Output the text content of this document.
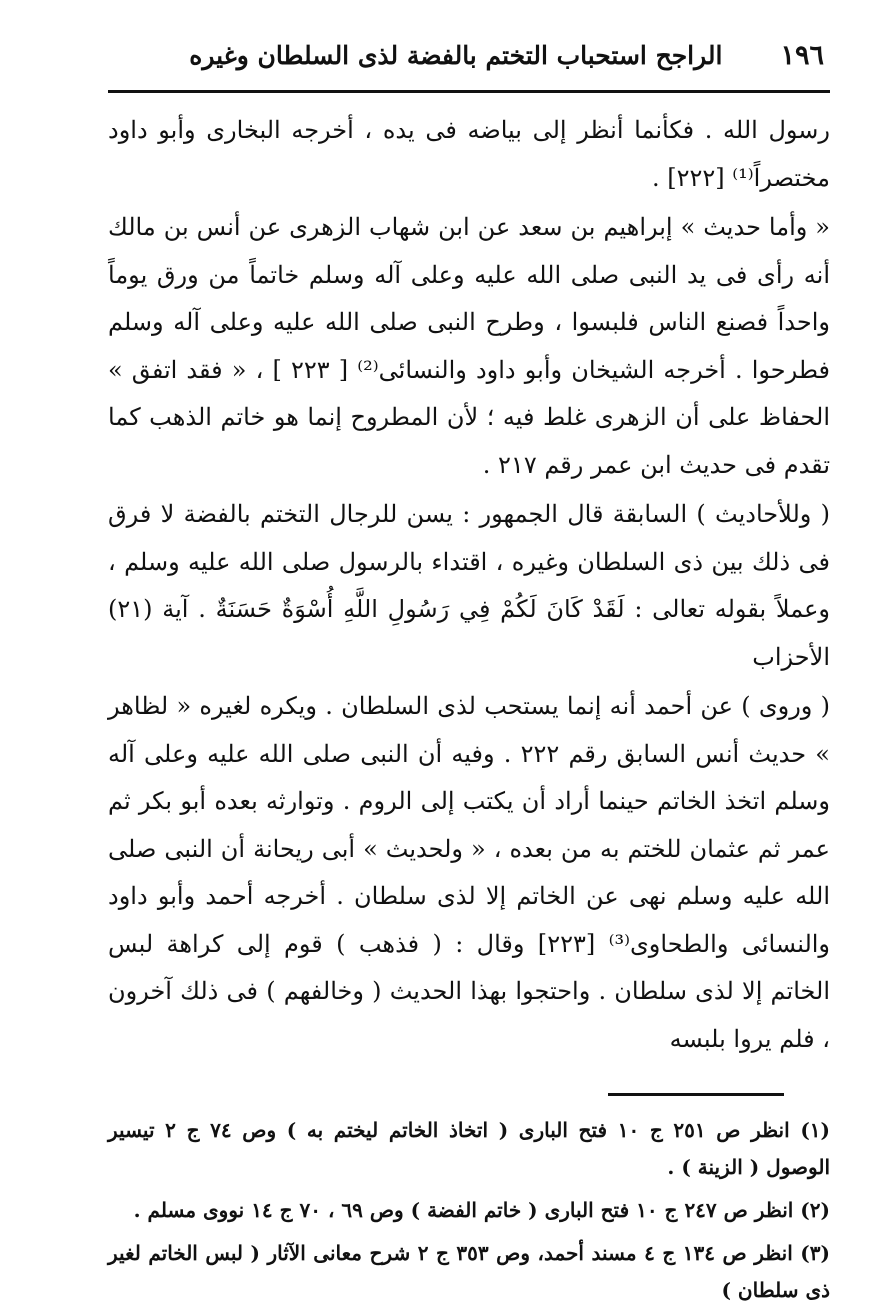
١٩٦
الراجح استحباب التختم بالفضة لذى السلطان وغيره

رسول الله . فكأنما أنظر إلى بياضه فى يده ، أخرجه البخارى وأبو داود مختصراً⁽¹⁾ [٢٢٢] .

« وأما حديث » إبراهيم بن سعد عن ابن شهاب الزهرى عن أنس بن مالك أنه رأى فى يد النبى صلى الله عليه وعلى آله وسلم خاتماً من ورق يوماً واحداً فصنع الناس فلبسوا ، وطرح النبى صلى الله عليه وعلى آله وسلم فطرحوا . أخرجه الشيخان وأبو داود والنسائى⁽²⁾ [ ٢٢٣ ] ، « فقد اتفق » الحفاظ على أن الزهرى غلط فيه ؛ لأن المطروح إنما هو خاتم الذهب كما تقدم فى حديث ابن عمر رقم ٢١٧ .

( وللأحاديث ) السابقة قال الجمهور : يسن للرجال التختم بالفضة لا فرق فى ذلك بين ذى السلطان وغيره ، اقتداء بالرسول صلى الله عليه وسلم ، وعملاً بقوله تعالى : لَقَدْ كَانَ لَكُمْ فِي رَسُولِ اللَّهِ أُسْوَةٌ حَسَنَةٌ . آية (٢١) الأحزاب

( وروى ) عن أحمد أنه إنما يستحب لذى السلطان . ويكره لغيره « لظاهر » حديث أنس السابق رقم ٢٢٢ . وفيه أن النبى صلى الله عليه وعلى آله وسلم اتخذ الخاتم حينما أراد أن يكتب إلى الروم . وتوارثه بعده أبو بكر ثم عمر ثم عثمان للختم به من بعده ، « ولحديث » أبى ريحانة أن النبى صلى الله عليه وسلم نهى عن الخاتم إلا لذى سلطان . أخرجه أحمد وأبو داود والنسائى والطحاوى⁽³⁾ [٢٢٣] وقال : ( فذهب ) قوم إلى كراهة لبس الخاتم إلا لذى سلطان . واحتجوا بهذا الحديث ( وخالفهم ) فى ذلك آخرون ، فلم يروا بلبسه

(١) انظر ص ٢٥١ ج ١٠ فتح البارى ( اتخاذ الخاتم ليختم به ) وص ٧٤ ج ٢ تيسير الوصول ( الزينة ) .

(٢) انظر ص ٢٤٧ ج ١٠ فتح البارى ( خاتم الفضة ) وص ٦٩ ، ٧٠ ج ١٤ نووى مسلم .

(٣) انظر ص ١٣٤ ج ٤ مسند أحمد، وص ٣٥٣ ج ٢ شرح معانى الآثار ( لبس الخاتم لغير ذى سلطان )
